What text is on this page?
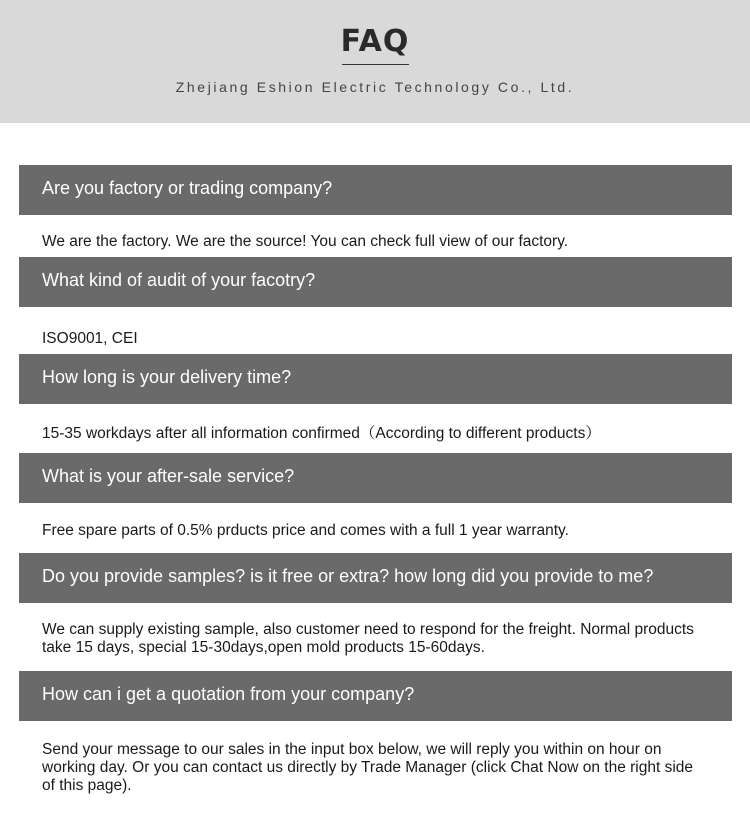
FAQ
Zhejiang Eshion Electric Technology Co., Ltd.
Are you factory or trading company?
We are the factory. We are the source! You can check full view of our factory.
What kind of audit of your facotry?
ISO9001, CEI
How long is your delivery time?
15-35 workdays after all information confirmed（According to different products）
What is your after-sale service?
Free spare parts of 0.5% prducts price and comes with a full 1 year warranty.
Do you provide samples? is it free or extra? how long did you provide to me?
We can supply existing sample, also customer need to respond for the freight. Normal products take 15 days, special 15-30days,open mold products 15-60days.
How can i get a quotation from your company?
Send your message to our sales in the input box below, we will reply you within on hour on working day. Or you can contact us directly by Trade Manager (click Chat Now on the right side of this page).
